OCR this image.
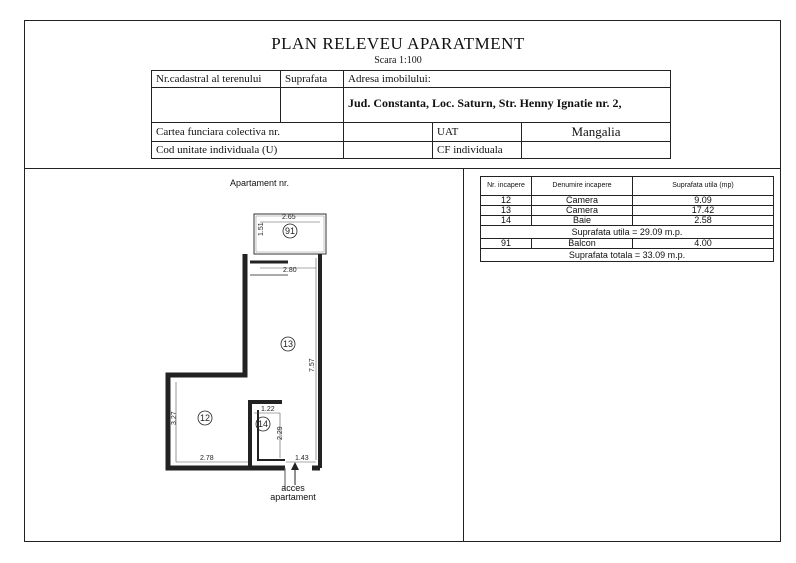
PLAN RELEVEU APARATMENT
Scara 1:100
Nr.cadastral al terenului	Suprafata	Adresa imobilului:		
		Jud. Constanta, Loc. Saturn, Str. Henny Ignatie nr. 2,		
Cartea funciara colectiva nr.			UAT	Mangalia
Cod unitate individuala (U)			CF individuala	
Apartament nr.
2.65
1.51
2.80
7.57
3.27
1.22
2.29
2.78	1.43
91
13
12
14
acces
apartament
Nr. incapere	Denumire incapere	Suprafata utila (mp)
12	Camera	9.09
13	Camera	17.42
14	Baie	2.58
Suprafata utila = 29.09 m.p.		
91	Balcon	4.00
Suprafata totala = 33.09 m.p.		
